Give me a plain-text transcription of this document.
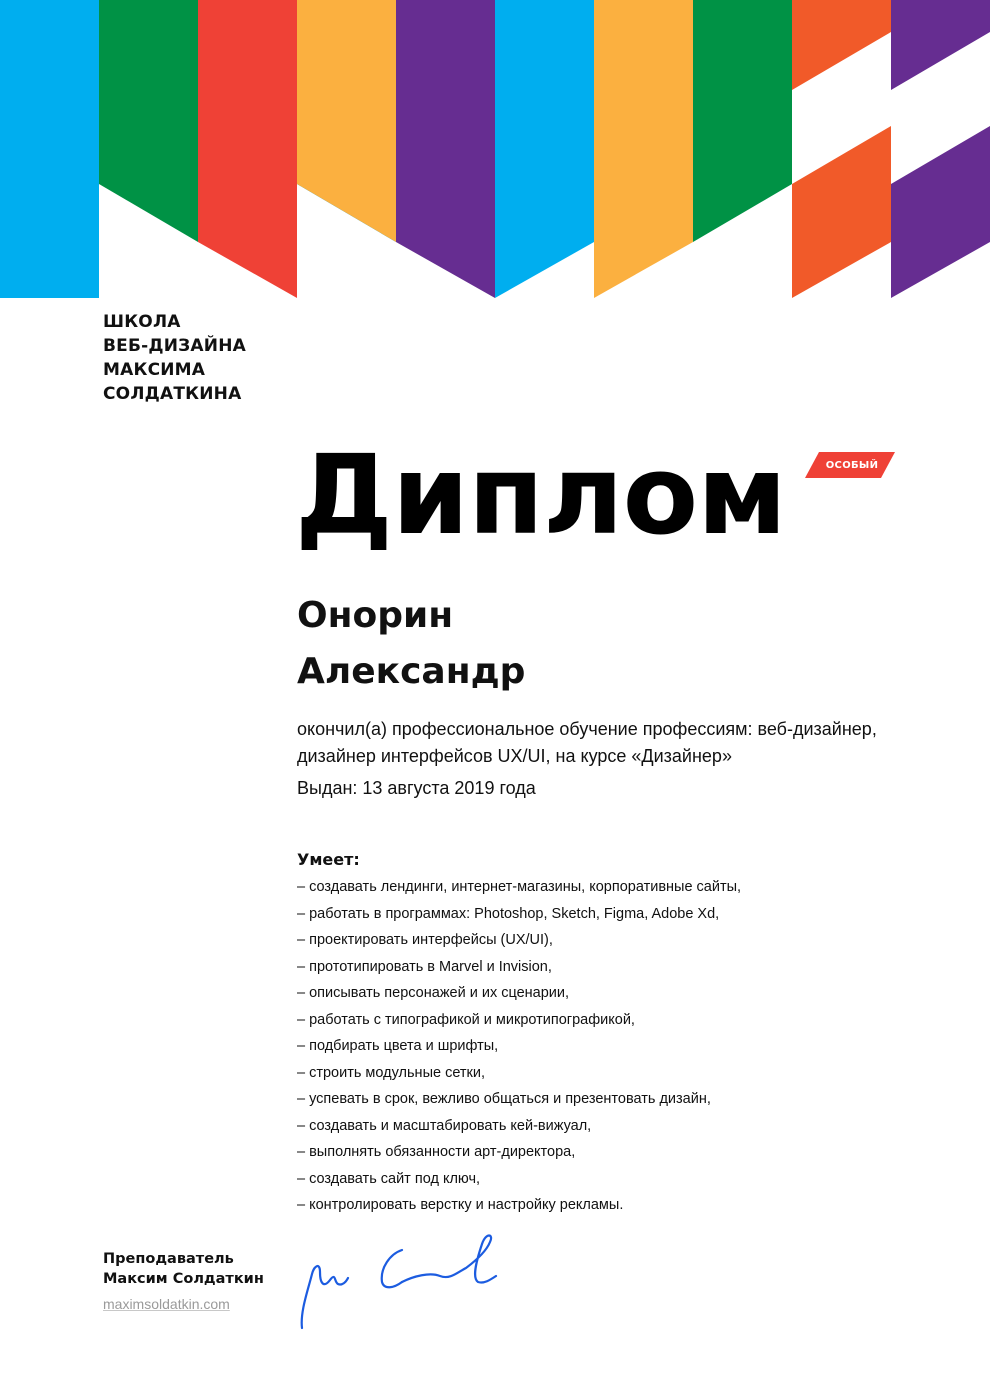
ШКОЛА
ВЕБ-ДИЗАЙНА
МАКСИМА
СОЛДАТКИНА
Диплом	ОСОБЫЙ
Онорин
Александр
окончил(а) профессиональное обучение профессиям: веб-дизайнер, дизайнер интерфейсов UX/UI, на курсе «Дизайнер»
Выдан: 13 августа 2019 года
Умеет:
– создавать лендинги, интернет-магазины, корпоративные сайты,
– работать в программах: Photoshop, Sketch, Figma, Adobe Xd,
– проектировать интерфейсы (UX/UI),
– прототипировать в Marvel и Invision,
– описывать персонажей и их сценарии,
– работать с типографикой и микротипографикой,
– подбирать цвета и шрифты,
– строить модульные сетки,
– успевать в срок, вежливо общаться и презентовать дизайн,
– создавать и масштабировать кей-вижуал,
– выполнять обязанности арт-директора,
– создавать сайт под ключ,
– контролировать верстку и настройку рекламы.
Преподаватель
Максим Солдаткин
maximsoldatkin.com
